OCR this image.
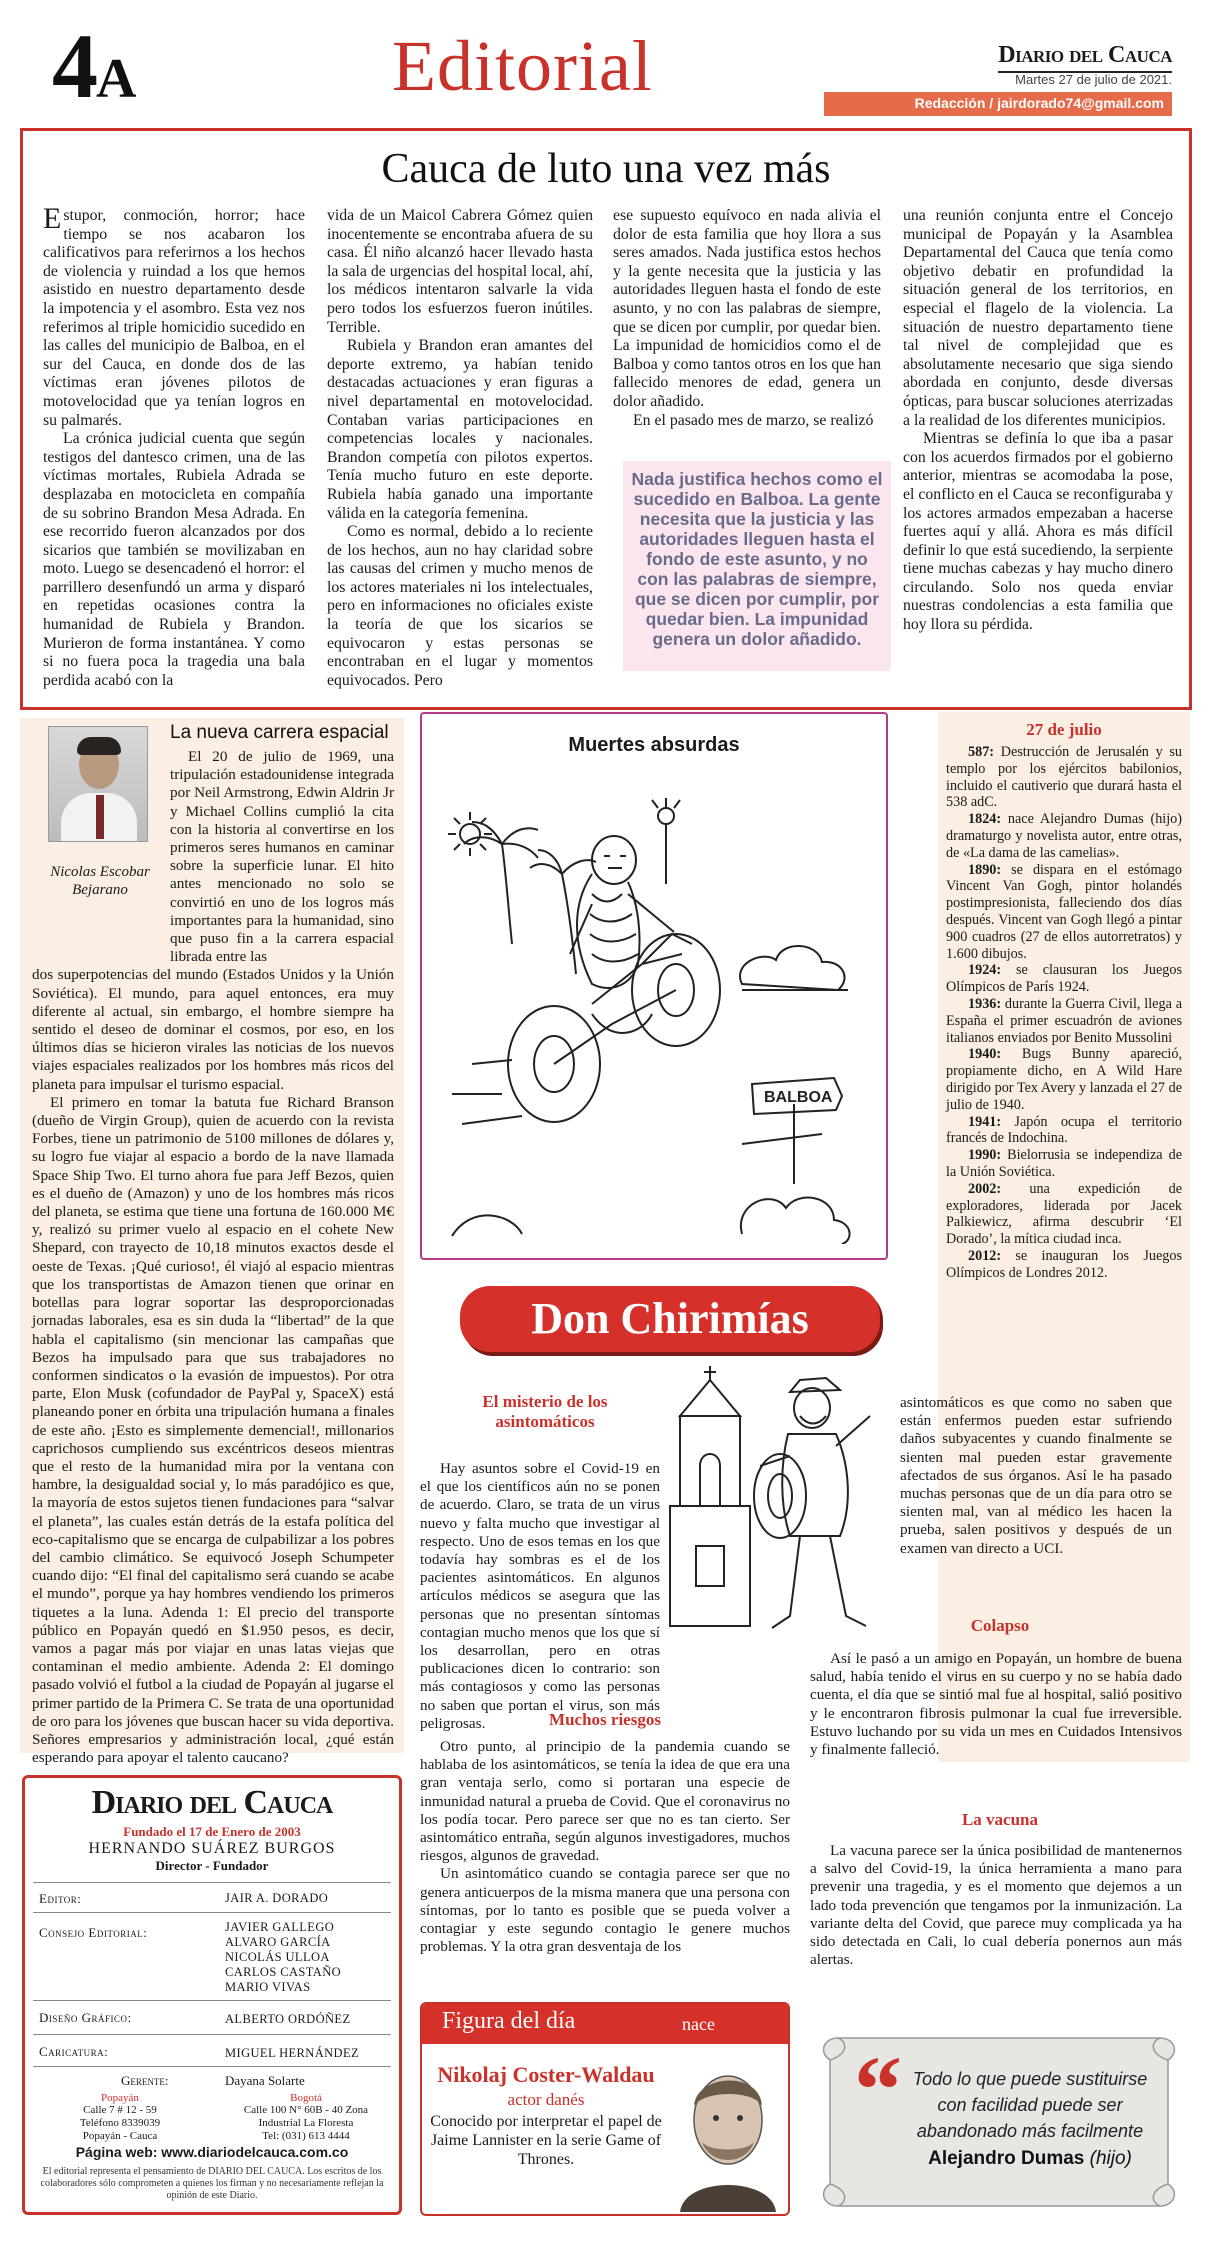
4A	Editorial	Diario del Cauca
Martes 27 de julio de 2021.
Redacción / jairdorado74@gmail.com
Cauca de luto una vez más

Estupor, conmoción, horror; hace tiempo se nos acabaron los calificativos para referirnos a los hechos de violencia y ruindad a los que hemos asistido en nuestro departamento desde la impotencia y el asombro. Esta vez nos referimos al triple homicidio sucedido en las calles del municipio de Balboa, en el sur del Cauca, en donde dos de las víctimas eran jóvenes pilotos de motovelocidad que ya tenían logros en su palmarés.

La crónica judicial cuenta que según testigos del dantesco crimen, una de las víctimas mortales, Rubiela Adrada se desplazaba en motocicleta en compañía de su sobrino Brandon Mesa Adrada. En ese recorrido fueron alcanzados por dos sicarios que también se movilizaban en moto. Luego se desencadenó el horror: el parrillero desenfundó un arma y disparó en repetidas ocasiones contra la humanidad de Rubiela y Brandon. Murieron de forma instantánea. Y como si no fuera poca la tragedia una bala perdida acabó con la

vida de un Maicol Cabrera Gómez quien inocentemente se encontraba afuera de su casa. Él niño alcanzó hacer llevado hasta la sala de urgencias del hospital local, ahí, los médicos intentaron salvarle la vida pero todos los esfuerzos fueron inútiles. Terrible.

Rubiela y Brandon eran amantes del deporte extremo, ya habían tenido destacadas actuaciones y eran figuras a nivel departamental en motovelocidad. Contaban varias participaciones en competencias locales y nacionales. Brandon competía con pilotos expertos. Tenía mucho futuro en este deporte. Rubiela había ganado una importante válida en la categoría femenina.

Como es normal, debido a lo reciente de los hechos, aun no hay claridad sobre las causas del crimen y mucho menos de los actores materiales ni los intelectuales, pero en informaciones no oficiales existe la teoría de que los sicarios se equivocaron y estas personas se encontraban en el lugar y momentos equivocados. Pero

ese supuesto equívoco en nada alivia el dolor de esta familia que hoy llora a sus seres amados. Nada justifica estos hechos y la gente necesita que la justicia y las autoridades lleguen hasta el fondo de este asunto, y no con las palabras de siempre, que se dicen por cumplir, por quedar bien. La impunidad de homicidios como el de Balboa y como tantos otros en los que han fallecido menores de edad, genera un dolor añadido.

En el pasado mes de marzo, se realizó

Nada justifica hechos como el sucedido en Balboa. La gente necesita que la justicia y las autoridades lleguen hasta el fondo de este asunto, y no con las palabras de siempre, que se dicen por cumplir, por quedar bien. La impunidad genera un dolor añadido.

una reunión conjunta entre el Concejo municipal de Popayán y la Asamblea Departamental del Cauca que tenía como objetivo debatir en profundidad la situación general de los territorios, en especial el flagelo de la violencia. La situación de nuestro departamento tiene tal nivel de complejidad que es absolutamente necesario que siga siendo abordada en conjunto, desde diversas ópticas, para buscar soluciones aterrizadas a la realidad de los diferentes municipios.

Mientras se definía lo que iba a pasar con los acuerdos firmados por el gobierno anterior, mientras se acomodaba la pose, el conflicto en el Cauca se reconfiguraba y los actores armados empezaban a hacerse fuertes aquí y allá. Ahora es más difícil definir lo que está sucediendo, la serpiente tiene muchas cabezas y hay mucho dinero circulando. Solo nos queda enviar nuestras condolencias a esta familia que hoy llora su pérdida.

Nicolas Escobar Bejarano
La nueva carrera espacial

El 20 de julio de 1969, una tripulación estadounidense integrada por Neil Armstrong, Edwin Aldrin Jr y Michael Collins cumplió la cita con la historia al convertirse en los primeros seres humanos en caminar sobre la superficie lunar. El hito antes mencionado no solo se convirtió en uno de los logros más importantes para la humanidad, sino que puso fin a la carrera espacial librada entre las

dos superpotencias del mundo (Estados Unidos y la Unión Soviética). El mundo, para aquel entonces, era muy diferente al actual, sin embargo, el hombre siempre ha sentido el deseo de dominar el cosmos, por eso, en los últimos días se hicieron virales las noticias de los nuevos viajes espaciales realizados por los hombres más ricos del planeta para impulsar el turismo espacial.

El primero en tomar la batuta fue Richard Branson (dueño de Virgin Group), quien de acuerdo con la revista Forbes, tiene un patrimonio de 5100 millones de dólares y, su logro fue viajar al espacio a bordo de la nave llamada Space Ship Two. El turno ahora fue para Jeff Bezos, quien es el dueño de (Amazon) y uno de los hombres más ricos del planeta, se estima que tiene una fortuna de 160.000 M€ y, realizó su primer vuelo al espacio en el cohete New Shepard, con trayecto de 10,18 minutos exactos desde el oeste de Texas. ¡Qué curioso!, él viajó al espacio mientras que los transportistas de Amazon tienen que orinar en botellas para lograr soportar las desproporcionadas jornadas laborales, esa es sin duda la “libertad” de la que habla el capitalismo (sin mencionar las campañas que Bezos ha impulsado para que sus trabajadores no conformen sindicatos o la evasión de impuestos). Por otra parte, Elon Musk (cofundador de PayPal y, SpaceX) está planeando poner en órbita una tripulación humana a finales de este año. ¡Esto es simplemente demencial!, millonarios caprichosos cumpliendo sus excéntricos deseos mientras que el resto de la humanidad mira por la ventana con hambre, la desigualdad social y, lo más paradójico es que, la mayoría de estos sujetos tienen fundaciones para “salvar el planeta”, las cuales están detrás de la estafa política del eco-capitalismo que se encarga de culpabilizar a los pobres del cambio climático. Se equivocó Joseph Schumpeter cuando dijo: “El final del capitalismo será cuando se acabe el mundo”, porque ya hay hombres vendiendo los primeros tiquetes a la luna. Adenda 1: El precio del transporte público en Popayán quedó en $1.950 pesos, es decir, vamos a pagar más por viajar en unas latas viejas que contaminan el medio ambiente. Adenda 2: El domingo pasado volvió el futbol a la ciudad de Popayán al jugarse el primer partido de la Primera C. Se trata de una oportunidad de oro para los jóvenes que buscan hacer su vida deportiva. Señores empresarios y administración local, ¿qué están esperando para apoyar el talento caucano?

Diario del Cauca
Fundado el 17 de Enero de 2003
HERNANDO SUÁREZ BURGOS
Director - Fundador
Editor:	JAIR A. DORADO
Consejo Editorial:	JAVIER GALLEGO
ALVARO GARCÍA
NICOLÁS ULLOA
CARLOS CASTAÑO
MARIO VIVAS
Diseño Gráfico:	ALBERTO ORDÓÑEZ
Caricatura:	MIGUEL HERNÁNDEZ
Gerente:	Dayana Solarte
Popayán
Calle 7 # 12 - 59
Teléfono 8339039
Popayán - Cauca
Bogotá
Calle 100 N° 60B - 40 Zona
Industrial La Floresta
Tel: (031) 613 4444
Página web: www.diariodelcauca.com.co
El editorial representa el pensamiento de DIARIO DEL CAUCA. Los escritos de los colaboradores sólo comprometen a quienes los firman y no necesariamente reflejan la opinión de este Diario.
Muertes absurdas
BALBOA
27 de julio

587: Destrucción de Jerusalén y su templo por los ejércitos babilonios, incluido el cautiverio que durará hasta el 538 adC.

1824: nace Alejandro Dumas (hijo) dramaturgo y novelista autor, entre otras, de «La dama de las camelias».

1890: se dispara en el estómago Vincent Van Gogh, pintor holandés postimpresionista, falleciendo dos días después. Vincent van Gogh llegó a pintar 900 cuadros (27 de ellos autorretratos) y 1.600 dibujos.

1924: se clausuran los Juegos Olímpicos de París 1924.

1936: durante la Guerra Civil, llega a España el primer escuadrón de aviones italianos enviados por Benito Mussolini

1940: Bugs Bunny apareció, propiamente dicho, en A Wild Hare dirigido por Tex Avery y lanzada el 27 de julio de 1940.

1941: Japón ocupa el territorio francés de Indochina.

1990: Bielorrusia se independiza de la Unión Soviética.

2002: una expedición de exploradores, liderada por Jacek Palkiewicz, afirma descubrir ‘El Dorado’, la mítica ciudad inca.

2012: se inauguran los Juegos Olímpicos de Londres 2012.

Don Chirimías
El misterio de los asintomáticos

Hay asuntos sobre el Covid-19 en el que los científicos aún no se ponen de acuerdo. Claro, se trata de un virus nuevo y falta mucho que investigar al respecto. Uno de esos temas en los que todavía hay sombras es el de los pacientes asintomáticos. En algunos artículos médicos se asegura que las personas que no presentan síntomas contagian mucho menos que los que sí los desarrollan, pero en otras publicaciones dicen lo contrario: son más contagiosos y como las personas no saben que portan el virus, son más peligrosas.	Muchos riesgos

Otro punto, al principio de la pandemia cuando se hablaba de los asintomáticos, se tenía la idea de que era una gran ventaja serlo, como si portaran una especie de inmunidad natural a prueba de Covid. Que el coronavirus no los podía tocar. Pero parece ser que no es tan cierto. Ser asintomático entraña, según algunos investigadores, muchos riesgos, algunos de gravedad.

Un asintomático cuando se contagia parece ser que no genera anticuerpos de la misma manera que una persona con síntomas, por lo tanto es posible que se pueda volver a contagiar y este segundo contagio le genere muchos problemas. Y la otra gran desventaja de los

asintomáticos es que como no saben que están enfermos pueden estar sufriendo daños subyacentes y cuando finalmente se sienten mal pueden estar gravemente afectados de sus órganos. Así le ha pasado muchas personas que de un día para otro se sienten mal, van al médico les hacen la prueba, salen positivos y después de un examen van directo a UCI.

Colapso

Así le pasó a un amigo en Popayán, un hombre de buena salud, había tenido el virus en su cuerpo y no se había dado cuenta, el día que se sintió mal fue al hospital, salió positivo y le encontraron fibrosis pulmonar la cual fue irreversible. Estuvo luchando por su vida un mes en Cuidados Intensivos y finalmente falleció.

La vacuna

La vacuna parece ser la única posibilidad de mantenernos a salvo del Covid-19, la única herramienta a mano para prevenir una tragedia, y es el momento que dejemos a un lado toda prevención que tengamos por la inmunización. La variante delta del Covid, que parece muy complicada ya ha sido detectada en Cali, lo cual debería ponernos aun más alertas.

Figura del día	nace
Nikolaj Coster-Waldau
actor danés
Conocido por interpretar el papel de Jaime Lannister en la serie Game of Thrones.
“ Todo lo que puede sustituirse con facilidad puede ser abandonado más facilmente
Alejandro Dumas (hijo)
